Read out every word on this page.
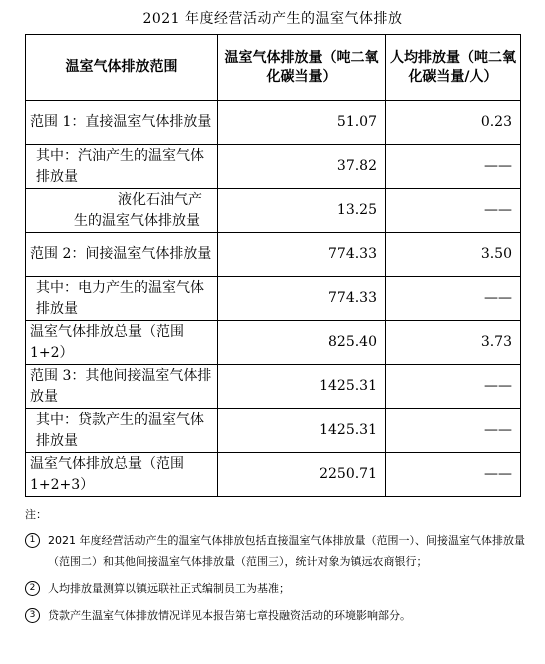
2021 年度经营活动产生的温室气体排放
温室气体排放范围	温室气体排放量（吨二氧化碳当量）	人均排放量（吨二氧化碳当量/人）
范围 1：直接温室气体排放量	51.07	0.23
其中：汽油产生的温室气体排放量	37.82	——
液化石油气产生的温室气体排放量	13.25	——
范围 2：间接温室气体排放量	774.33	3.50
其中：电力产生的温室气体排放量	774.33	——
温室气体排放总量（范围 1+2）	825.40	3.73
范围 3：其他间接温室气体排放量	1425.31	——
其中：贷款产生的温室气体排放量	1425.31	——
温室气体排放总量（范围 1+2+3）	2250.71	——
注：
1	2021 年度经营活动产生的温室气体排放包括直接温室气体排放量（范围一）、间接温室气体排放量（范围二）和其他间接温室气体排放量（范围三），统计对象为镇远农商银行；
2	人均排放量测算以镇远联社正式编制员工为基准；
3	贷款产生温室气体排放情况详见本报告第七章投融资活动的环境影响部分。
